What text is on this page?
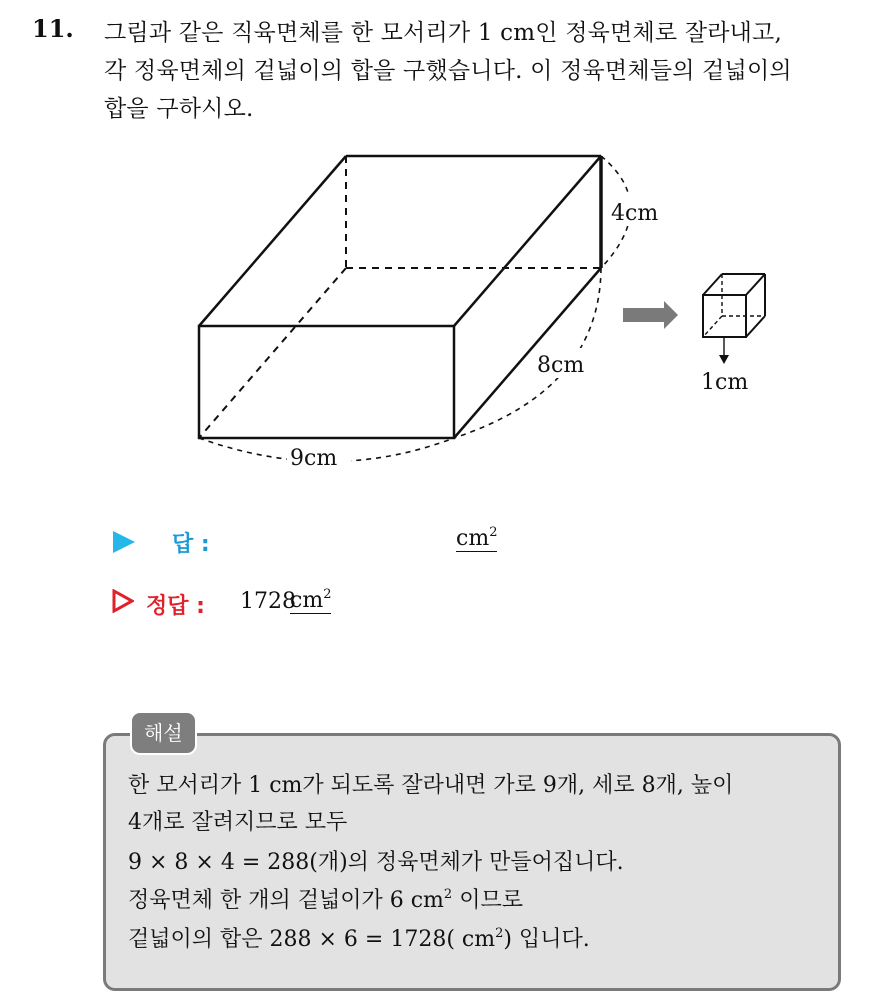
11. 그림과 같은 직육면체를 한 모서리가 1 cm인 정육면체로 잘라내고,
각 정육면체의 겉넓이의 합을 구했습니다. 이 정육면체들의 겉넓이의
합을 구하시오.
4cm
8cm
9cm
1cm
답 :	$cm^2$
정답 : 1728
$cm^2$
해설
한 모서리가 1 cm가 되도록 잘라내면 가로 9개, 세로 8개, 높이
4개로 잘려지므로 모두
9 × 8 × 4 = 288(개)의 정육면체가 만들어집니다.
정육면체 한 개의 겉넓이가 6 $cm^2$ 이므로
겉넓이의 합은 288 × 6 = 1728( $cm^2$) 입니다.
